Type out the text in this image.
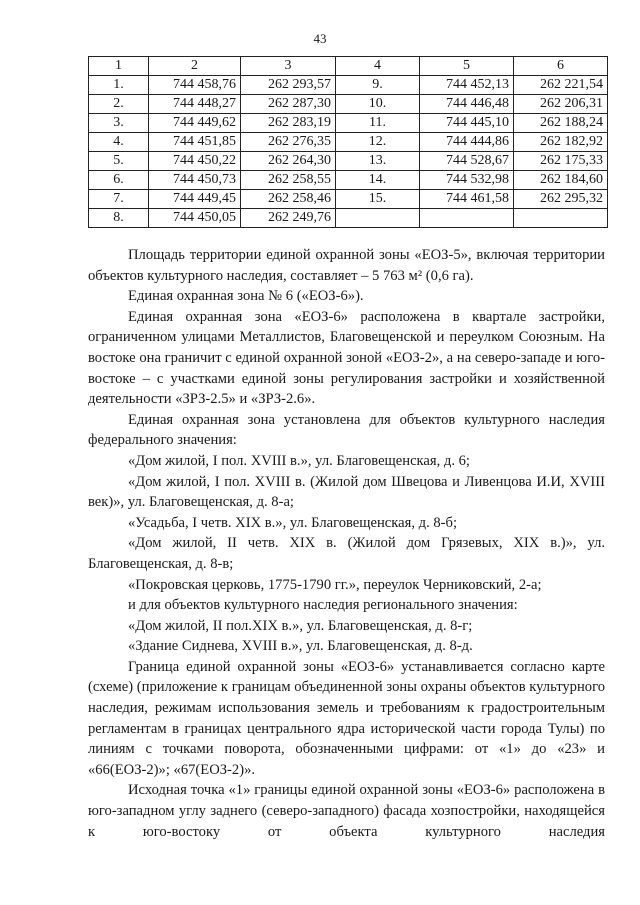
43
1	2	3	4	5	6
1.	744 458,76	262 293,57	9.	744 452,13	262 221,54
2.	744 448,27	262 287,30	10.	744 446,48	262 206,31
3.	744 449,62	262 283,19	11.	744 445,10	262 188,24
4.	744 451,85	262 276,35	12.	744 444,86	262 182,92
5.	744 450,22	262 264,30	13.	744 528,67	262 175,33
6.	744 450,73	262 258,55	14.	744 532,98	262 184,60
7.	744 449,45	262 258,46	15.	744 461,58	262 295,32
8.	744 450,05	262 249,76			

Площадь территории единой охранной зоны «ЕОЗ-5», включая территории объектов культурного наследия, составляет – 5 763 м² (0,6 га).

Единая охранная зона № 6 («ЕОЗ-6»).

Единая охранная зона «ЕОЗ-6» расположена в квартале застройки, ограниченном улицами Металлистов, Благовещенской и переулком Союзным. На востоке она граничит с единой охранной зоной «ЕОЗ-2», а на северо-западе и юго-востоке – с участками единой зоны регулирования застройки и хозяйственной деятельности «ЗРЗ-2.5» и «ЗРЗ-2.6».

Единая охранная зона установлена для объектов культурного наследия федерального значения:

«Дом жилой, I пол. XVIII в.», ул. Благовещенская, д. 6;

«Дом жилой, I пол. XVIII в. (Жилой дом Швецова и Ливенцова И.И, XVIII век)», ул. Благовещенская, д. 8-а;

«Усадьба, I четв. XIX в.», ул. Благовещенская, д. 8-б;

«Дом жилой, II четв. XIX в. (Жилой дом Грязевых, XIX в.)», ул. Благовещенская, д. 8-в;

«Покровская церковь, 1775-1790 гг.», переулок Черниковский, 2-а;

и для объектов культурного наследия регионального значения:

«Дом жилой, II пол.XIX в.», ул. Благовещенская, д. 8-г;

«Здание Сиднева, XVIII в.», ул. Благовещенская, д. 8-д.

Граница единой охранной зоны «ЕОЗ-6» устанавливается согласно карте (схеме) (приложение к границам объединенной зоны охраны объектов культурного наследия, режимам использования земель и требованиям к градостроительным регламентам в границах центрального ядра исторической части города Тулы) по линиям с точками поворота, обозначенными цифрами: от «1» до «23» и «66(ЕОЗ-2)»; «67(ЕОЗ-2)».

Исходная точка «1» границы единой охранной зоны «ЕОЗ-6» расположена в юго-западном углу заднего (северо-западного) фасада хозпостройки, находящейся к юго-востоку от объекта культурного наследия
